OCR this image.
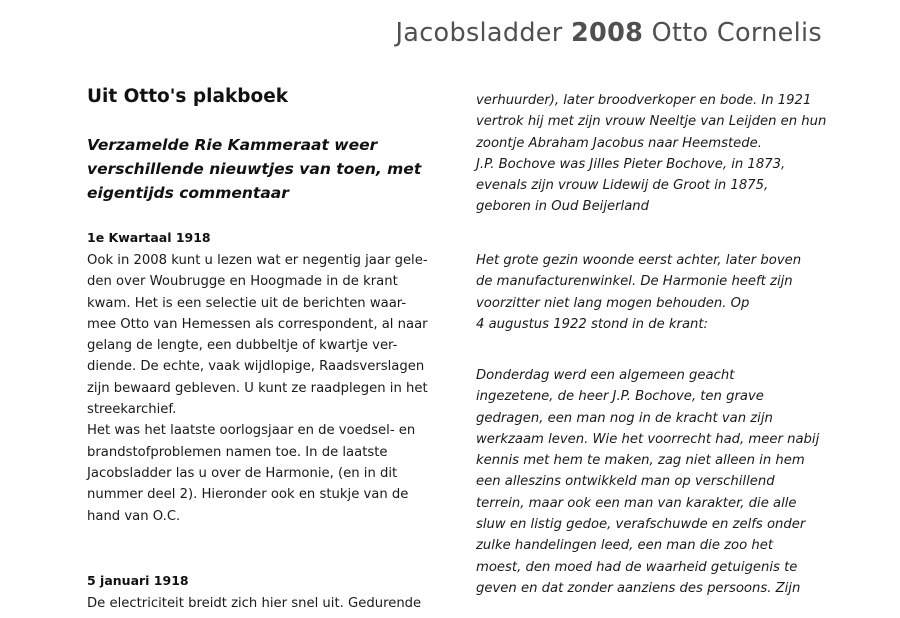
Jacobsladder 2008 Otto Cornelis
Uit Otto's plakboek
Verzamelde Rie Kammeraat weer
verschillende nieuwtjes van toen, met
eigentijds commentaar
1e Kwartaal 1918
Ook in 2008 kunt u lezen wat er negentig jaar gele-
den over Woubrugge en Hoogmade in de krant
kwam. Het is een selectie uit de berichten waar-
mee Otto van Hemessen als correspondent, al naar
gelang de lengte, een dubbeltje of kwartje ver-
diende. De echte, vaak wijdlopige, Raadsverslagen
zijn bewaard gebleven. U kunt ze raadplegen in het
streekarchief.
Het was het laatste oorlogsjaar en de voedsel- en
brandstofproblemen namen toe. In de laatste
Jacobsladder las u over de Harmonie, (en in dit
nummer deel 2). Hieronder ook en stukje van de
hand van O.C.
5 januari 1918
De electriciteit breidt zich hier snel uit. Gedurende
verhuurder), later broodverkoper en bode. In 1921
vertrok hij met zijn vrouw Neeltje van Leijden en hun
zoontje Abraham Jacobus naar Heemstede.
J.P. Bochove was Jilles Pieter Bochove, in 1873,
evenals zijn vrouw Lidewij de Groot in 1875,
geboren in Oud Beijerland
Het grote gezin woonde eerst achter, later boven
de manufacturenwinkel. De Harmonie heeft zijn
voorzitter niet lang mogen behouden. Op
4 augustus 1922 stond in de krant:
Donderdag werd een algemeen geacht
ingezetene, de heer J.P. Bochove, ten grave
gedragen, een man nog in de kracht van zijn
werkzaam leven. Wie het voorrecht had, meer nabij
kennis met hem te maken, zag niet alleen in hem
een alleszins ontwikkeld man op verschillend
terrein, maar ook een man van karakter, die alle
sluw en listig gedoe, verafschuwde en zelfs onder
zulke handelingen leed, een man die zoo het
moest, den moed had de waarheid getuigenis te
geven en dat zonder aanziens des persoons. Zijn
